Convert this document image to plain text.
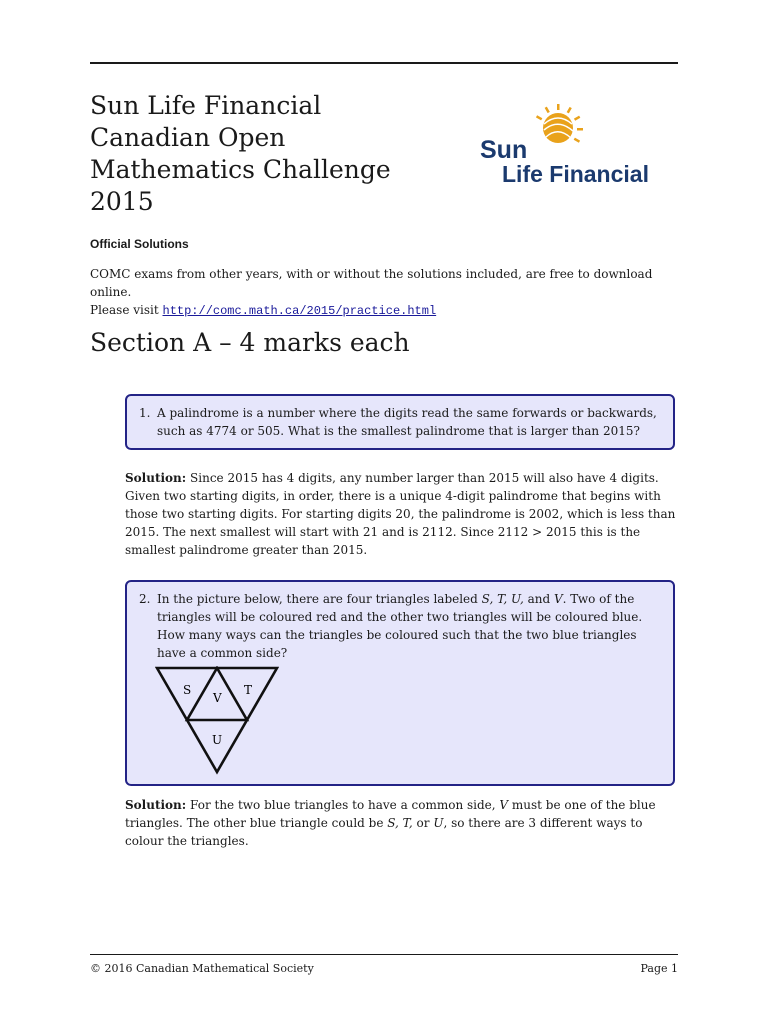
Sun Life Financial
Canadian Open
Mathematics Challenge
2015
Sun
Life Financial

Official Solutions

COMC exams from other years, with or without the solutions included, are free to download online.
Please visit http://comc.math.ca/2015/practice.html

Section A – 4 marks each
1. A palindrome is a number where the digits read the same forwards or backwards, such as 4774 or 505. What is the smallest palindrome that is larger than 2015?

Solution: Since 2015 has 4 digits, any number larger than 2015 will also have 4 digits. Given two starting digits, in order, there is a unique 4-digit palindrome that begins with those two starting digits. For starting digits 20, the palindrome is 2002, which is less than 2015. The next smallest will start with 21 and is 2112. Since 2112 > 2015 this is the smallest palindrome greater than 2015.

2. In the picture below, there are four triangles labeled S, T, U, and V. Two of the triangles will be coloured red and the other two triangles will be coloured blue. How many ways can the triangles be coloured such that the two blue triangles have a common side?

S
V
T
U

Solution: For the two blue triangles to have a common side, V must be one of the blue triangles. The other blue triangle could be S, T, or U, so there are 3 different ways to colour the triangles.

© 2016 Canadian Mathematical Society	Page 1
